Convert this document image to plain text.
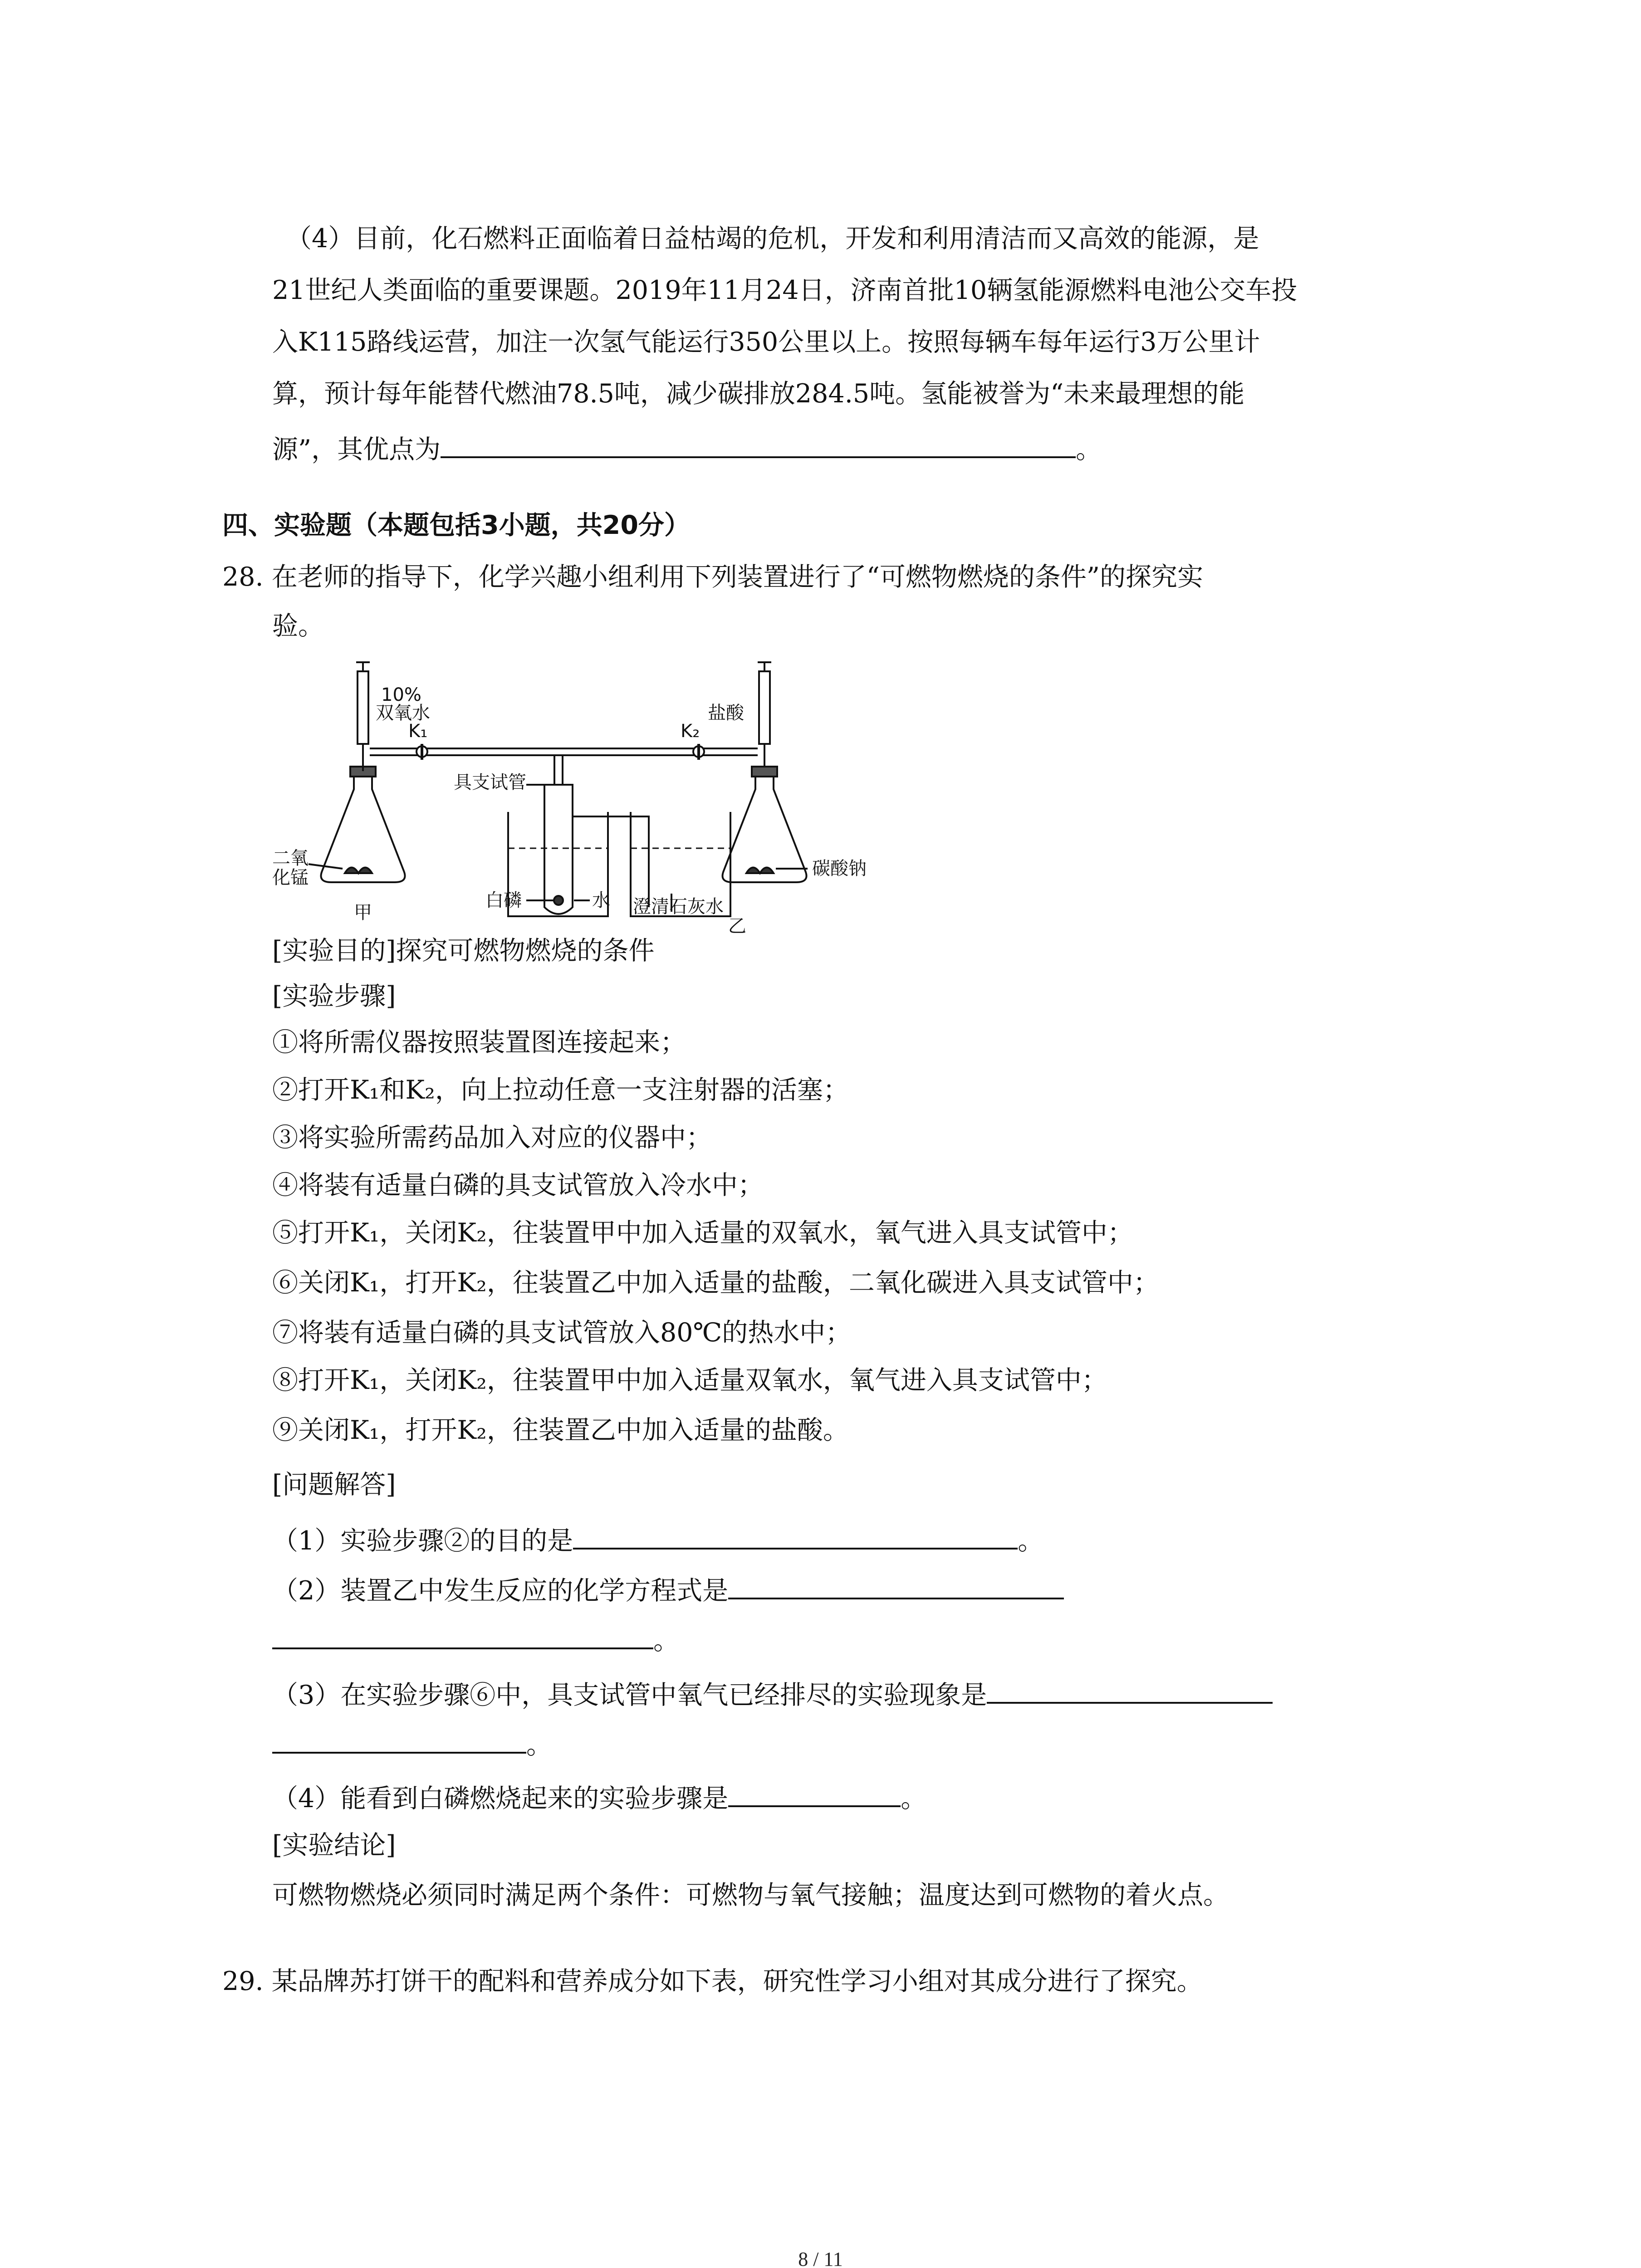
（4）目前，化石燃料正面临着日益枯竭的危机，开发和利用清洁而又高效的能源，是
21世纪人类面临的重要课题。2019年11月24日，济南首批10辆氢能源燃料电池公交车投
入K115路线运营，加注一次氢气能运行350公里以上。按照每辆车每年运行3万公里计
算，预计每年能替代燃油78.5吨，减少碳排放284.5吨。氢能被誉为“未来最理想的能
源”，其优点为	。
四、实验题（本题包括3小题，共20分）
28. 在老师的指导下，化学兴趣小组利用下列装置进行了“可燃物燃烧的条件”的探究实
验。
10%
双氧水
K₁
盐酸
K₂
具支试管
二氧
化锰
甲
白磷	水 澄清石灰水
碳酸钠
乙
[实验目的]探究可燃物燃烧的条件
[实验步骤]
①将所需仪器按照装置图连接起来；
②打开K₁和K₂，向上拉动任意一支注射器的活塞；
③将实验所需药品加入对应的仪器中；
④将装有适量白磷的具支试管放入冷水中；
⑤打开K₁，关闭K₂，往装置甲中加入适量的双氧水，氧气进入具支试管中；
⑥关闭K₁，打开K₂，往装置乙中加入适量的盐酸，二氧化碳进入具支试管中；
⑦将装有适量白磷的具支试管放入80℃的热水中；
⑧打开K₁，关闭K₂，往装置甲中加入适量双氧水，氧气进入具支试管中；
⑨关闭K₁，打开K₂，往装置乙中加入适量的盐酸。
[问题解答]
（1）实验步骤②的目的是	。
（2）装置乙中发生反应的化学方程式是
。
（3）在实验步骤⑥中，具支试管中氧气已经排尽的实验现象是
。
（4）能看到白磷燃烧起来的实验步骤是	。
[实验结论]
可燃物燃烧必须同时满足两个条件：可燃物与氧气接触；温度达到可燃物的着火点。
29. 某品牌苏打饼干的配料和营养成分如下表，研究性学习小组对其成分进行了探究。
8 / 11
